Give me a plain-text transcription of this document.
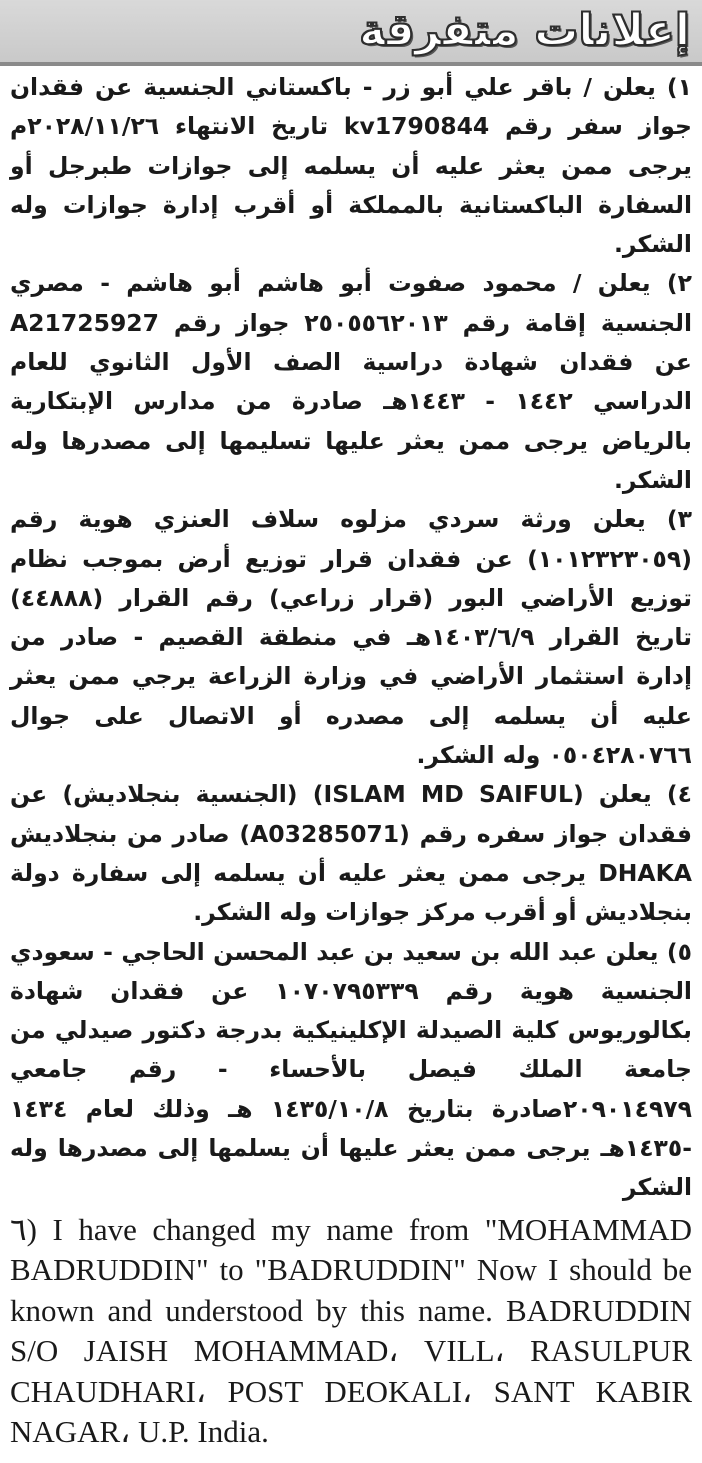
إعلانات متفرقة

١) يعلن / باقر علي أبو زر - باكستاني الجنسية عن فقدان جواز سفر رقم kv1790844 تاريخ الانتهاء ٢٠٢٨/١١/٢٦م يرجى ممن يعثر عليه أن يسلمه إلى جوازات طبرجل أو السفارة الباكستانية بالمملكة أو أقرب إدارة جوازات وله الشكر.

٢) يعلن / محمود صفوت أبو هاشم أبو هاشم - مصري الجنسية إقامة رقم ٢٥٠٥٥٦٢٠١٣ جواز رقم A21725927 عن فقدان شهادة دراسية الصف الأول الثانوي للعام الدراسي ١٤٤٢ - ١٤٤٣هـ صادرة من مدارس الإبتكارية بالرياض يرجى ممن يعثر عليها تسليمها إلى مصدرها وله الشكر.

٣) يعلن ورثة سردي مزلوه سلاف العنزي هوية رقم (١٠١٢٣٢٣٠٥٩) عن فقدان قرار توزيع أرض بموجب نظام توزيع الأراضي البور (قرار زراعي) رقم القرار (٤٤٨٨٨) تاريخ القرار ١٤٠٣/٦/٩هـ في منطقة القصيم - صادر من إدارة استثمار الأراضي في وزارة الزراعة يرجي ممن يعثر عليه أن يسلمه إلى مصدره أو الاتصال على جوال ٠٥٠٤٢٨٠٧٦٦ وله الشكر.

٤) يعلن (ISLAM MD SAIFUL) (الجنسية بنجلاديش) عن فقدان جواز سفره رقم (A03285071) صادر من بنجلاديش DHAKA يرجى ممن يعثر عليه أن يسلمه إلى سفارة دولة بنجلاديش أو أقرب مركز جوازات وله الشكر.

٥) يعلن عبد الله بن سعيد بن عبد المحسن الحاجي - سعودي الجنسية هوية رقم ١٠٧٠٧٩٥٣٣٩ عن فقدان شهادة بكالوريوس كلية الصيدلة الإكلينيكية بدرجة دكتور صيدلي من جامعة الملك فيصل بالأحساء - رقم جامعي ٢٠٩٠١٤٩٧٩صادرة بتاريخ ١٤٣٥/١٠/٨ هـ وذلك لعام ١٤٣٤ -١٤٣٥هـ يرجى ممن يعثر عليها أن يسلمها إلى مصدرها وله الشكر

٦) I have changed my name from "MOHAMMAD BADRUDDIN" to "BADRUDDIN" Now I should be known and understood by this name. BADRUDDIN S/O JAISH MOHAMMAD، VILL، RASULPUR CHAUDHARI، POST DEOKALI، SANT KABIR NAGAR، U.P. India.
